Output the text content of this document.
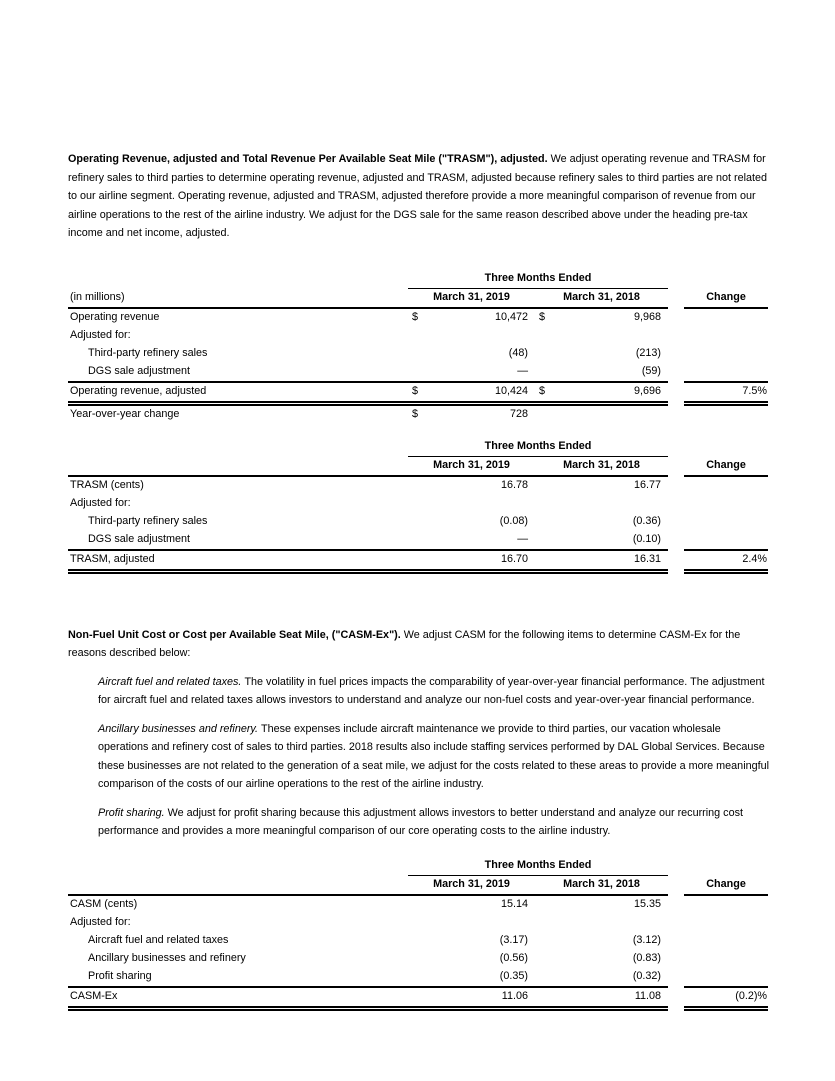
Operating Revenue, adjusted and Total Revenue Per Available Seat Mile ("TRASM"), adjusted. We adjust operating revenue and TRASM for refinery sales to third parties to determine operating revenue, adjusted and TRASM, adjusted because refinery sales to third parties are not related to our airline segment. Operating revenue, adjusted and TRASM, adjusted therefore provide a more meaningful comparison of revenue from our airline operations to the rest of the airline industry. We adjust for the DGS sale for the same reason described above under the heading pre-tax income and net income, adjusted.

	Three Months Ended					
(in millions)	March 31, 2019		March 31, 2018			Change
Operating revenue	$	10,472	$	9,968		
Adjusted for:						
Third-party refinery sales		(48)		(213)		
DGS sale adjustment		—		(59)		
Operating revenue, adjusted	$	10,424	$	9,696		7.5%
Year-over-year change	$	728				
	Three Months Ended					
	March 31, 2019		March 31, 2018			Change
TRASM (cents)		16.78		16.77		
Adjusted for:						
Third-party refinery sales		(0.08)		(0.36)		
DGS sale adjustment		—		(0.10)		
TRASM, adjusted		16.70		16.31		2.4%

Non-Fuel Unit Cost or Cost per Available Seat Mile, ("CASM-Ex"). We adjust CASM for the following items to determine CASM-Ex for the reasons described below:

Aircraft fuel and related taxes. The volatility in fuel prices impacts the comparability of year-over-year financial performance. The adjustment for aircraft fuel and related taxes allows investors to understand and analyze our non-fuel costs and year-over-year financial performance.

Ancillary businesses and refinery. These expenses include aircraft maintenance we provide to third parties, our vacation wholesale operations and refinery cost of sales to third parties. 2018 results also include staffing services performed by DAL Global Services. Because these businesses are not related to the generation of a seat mile, we adjust for the costs related to these areas to provide a more meaningful comparison of the costs of our airline operations to the rest of the airline industry.

Profit sharing. We adjust for profit sharing because this adjustment allows investors to better understand and analyze our recurring cost performance and provides a more meaningful comparison of our core operating costs to the airline industry.

	Three Months Ended					
	March 31, 2019		March 31, 2018			Change
CASM (cents)		15.14		15.35		
Adjusted for:						
Aircraft fuel and related taxes		(3.17)		(3.12)		
Ancillary businesses and refinery		(0.56)		(0.83)		
Profit sharing		(0.35)		(0.32)		
CASM-Ex		11.06		11.08		(0.2)%
